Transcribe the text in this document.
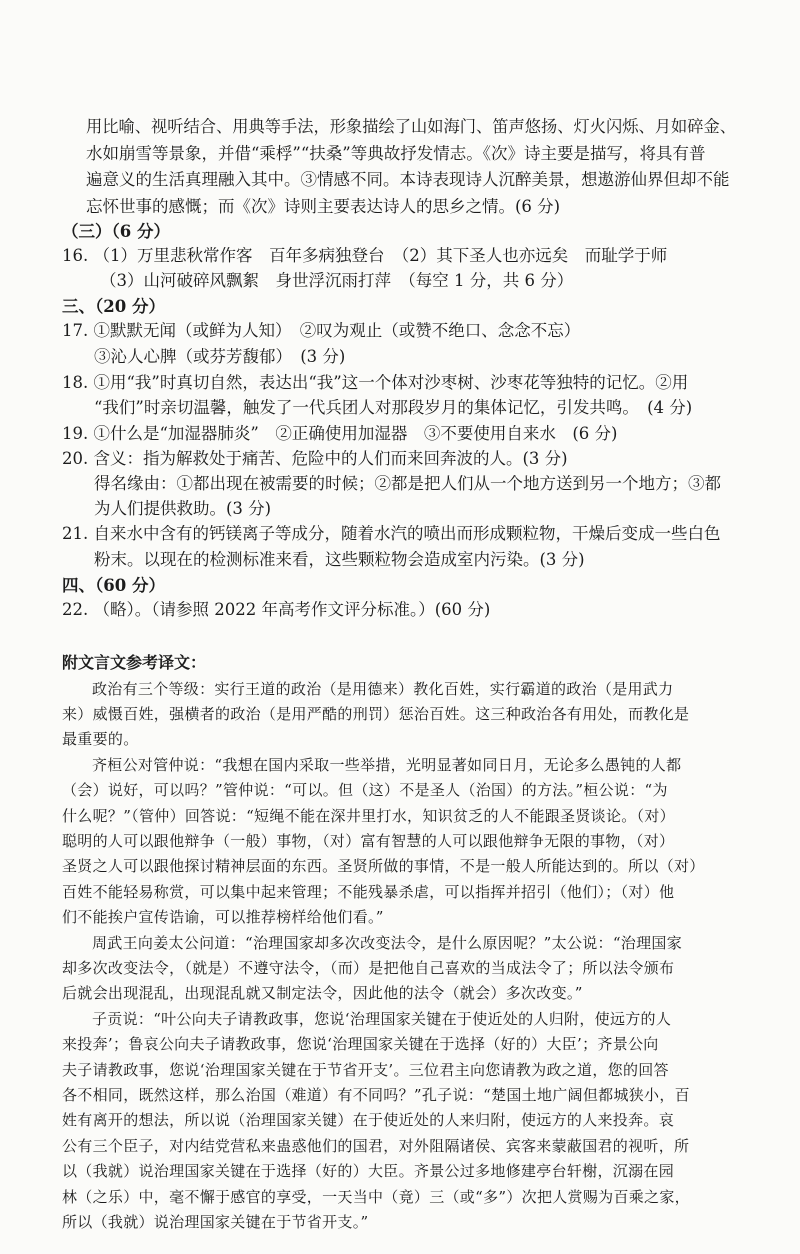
用比喻、视听结合、用典等手法，形象描绘了山如海门、笛声悠扬、灯火闪烁、月如碎金、
水如崩雪等景象，并借“乘桴”“扶桑”等典故抒发情志。《次》诗主要是描写，将具有普
遍意义的生活真理融入其中。③情感不同。本诗表现诗人沉醉美景，想遨游仙界但却不能
忘怀世事的感慨；而《次》诗则主要表达诗人的思乡之情。(6 分)
（三）（6 分）
16. （1）万里悲秋常作客　百年多病独登台　（2）其下圣人也亦远矣　而耻学于师
（3）山河破碎风飘絮　身世浮沉雨打萍　（每空 1 分，共 6 分）
三、（20 分）
17. ①默默无闻（或鲜为人知）　②叹为观止（或赞不绝口、念念不忘）
③沁人心脾（或芬芳馥郁）　(3 分)
18. ①用“我”时真切自然，表达出“我”这一个体对沙枣树、沙枣花等独特的记忆。②用
“我们”时亲切温馨，触发了一代兵团人对那段岁月的集体记忆，引发共鸣。　(4 分)
19. ①什么是“加湿器肺炎”　②正确使用加湿器　③不要使用自来水　(6 分)
20. 含义：指为解救处于痛苦、危险中的人们而来回奔波的人。(3 分)
得名缘由：①都出现在被需要的时候；②都是把人们从一个地方送到另一个地方；③都
为人们提供救助。(3 分)
21. 自来水中含有的钙镁离子等成分，随着水汽的喷出而形成颗粒物，干燥后变成一些白色
粉末。以现在的检测标准来看，这些颗粒物会造成室内污染。(3 分)
四、（60 分）
22. （略）。（请参照 2022 年高考作文评分标准。）(60 分)
附文言文参考译文：
政治有三个等级：实行王道的政治（是用德来）教化百姓，实行霸道的政治（是用武力
来）威慑百姓，强横者的政治（是用严酷的刑罚）惩治百姓。这三种政治各有用处，而教化是
最重要的。
齐桓公对管仲说：“我想在国内采取一些举措，光明显著如同日月，无论多么愚钝的人都
（会）说好，可以吗？”管仲说：“可以。但（这）不是圣人（治国）的方法。”桓公说：“为
什么呢？”（管仲）回答说：“短绳不能在深井里打水，知识贫乏的人不能跟圣贤谈论。（对）
聪明的人可以跟他辩争（一般）事物，（对）富有智慧的人可以跟他辩争无限的事物，（对）
圣贤之人可以跟他探讨精神层面的东西。圣贤所做的事情，不是一般人所能达到的。所以（对）
百姓不能轻易称赏，可以集中起来管理；不能残暴杀虐，可以指挥并招引（他们）；（对）他
们不能挨户宣传诰谕，可以推荐榜样给他们看。”
周武王向姜太公问道：“治理国家却多次改变法令，是什么原因呢？”太公说：“治理国家
却多次改变法令，（就是）不遵守法令，（而）是把他自己喜欢的当成法令了；所以法令颁布
后就会出现混乱，出现混乱就又制定法令，因此他的法令（就会）多次改变。”
子贡说：“叶公向夫子请教政事，您说‘治理国家关键在于使近处的人归附，使远方的人
来投奔’；鲁哀公向夫子请教政事，您说‘治理国家关键在于选择（好的）大臣’；齐景公向
夫子请教政事，您说‘治理国家关键在于节省开支’。三位君主向您请教为政之道，您的回答
各不相同，既然这样，那么治国（难道）有不同吗？”孔子说：“楚国土地广阔但都城狭小，百
姓有离开的想法，所以说（治理国家关键）在于使近处的人来归附，使远方的人来投奔。哀
公有三个臣子，对内结党营私来蛊惑他们的国君，对外阻隔诸侯、宾客来蒙蔽国君的视听，所
以（我就）说治理国家关键在于选择（好的）大臣。齐景公过多地修建亭台轩榭，沉溺在园
林（之乐）中，毫不懈于感官的享受，一天当中（竟）三（或“多”）次把人赏赐为百乘之家，
所以（我就）说治理国家关键在于节省开支。”
